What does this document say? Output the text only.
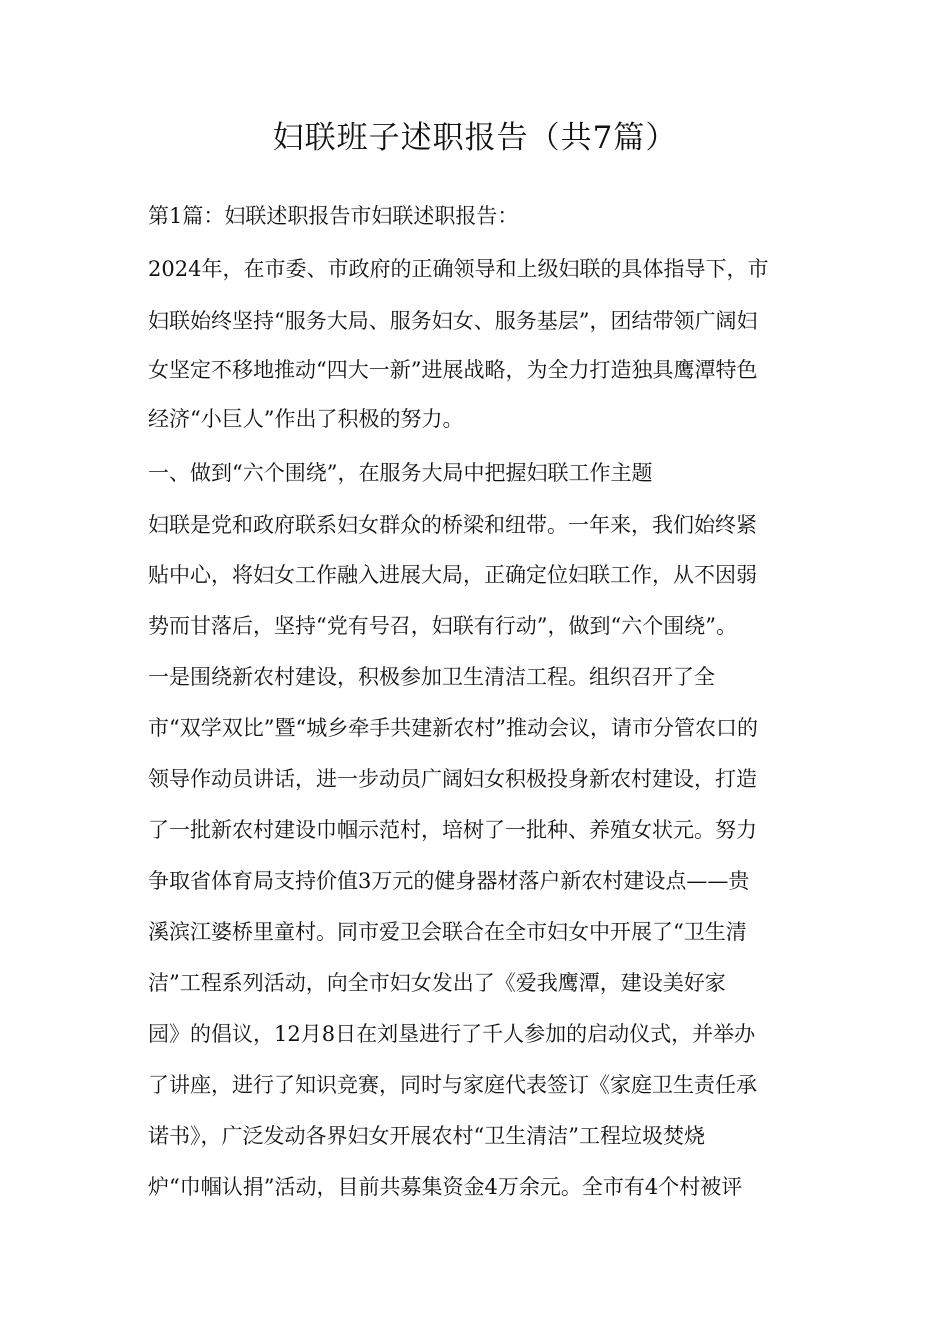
妇联班子述职报告（共7篇）
第1篇：妇联述职报告市妇联述职报告：
2024年，在市委、市政府的正确领导和上级妇联的具体指导下，市
妇联始终坚持“服务大局、服务妇女、服务基层”，团结带领广阔妇
女坚定不移地推动“四大一新”进展战略，为全力打造独具鹰潭特色
经济“小巨人”作出了积极的努力。
一、做到“六个围绕”，在服务大局中把握妇联工作主题
妇联是党和政府联系妇女群众的桥梁和纽带。一年来，我们始终紧
贴中心，将妇女工作融入进展大局，正确定位妇联工作，从不因弱
势而甘落后，坚持“党有号召，妇联有行动”，做到“六个围绕”。
一是围绕新农村建设，积极参加卫生清洁工程。组织召开了全
市“双学双比”暨“城乡牵手共建新农村”推动会议，请市分管农口的
领导作动员讲话，进一步动员广阔妇女积极投身新农村建设，打造
了一批新农村建设巾帼示范村，培树了一批种、养殖女状元。努力
争取省体育局支持价值3万元的健身器材落户新农村建设点——贵
溪滨江婆桥里童村。同市爱卫会联合在全市妇女中开展了“卫生清
洁”工程系列活动，向全市妇女发出了《爱我鹰潭，建设美好家
园》的倡议，12月8日在刘垦进行了千人参加的启动仪式，并举办
了讲座，进行了知识竞赛，同时与家庭代表签订《家庭卫生责任承
诺书》，广泛发动各界妇女开展农村“卫生清洁”工程垃圾焚烧
炉“巾帼认捐”活动，目前共募集资金4万余元。全市有4个村被评
